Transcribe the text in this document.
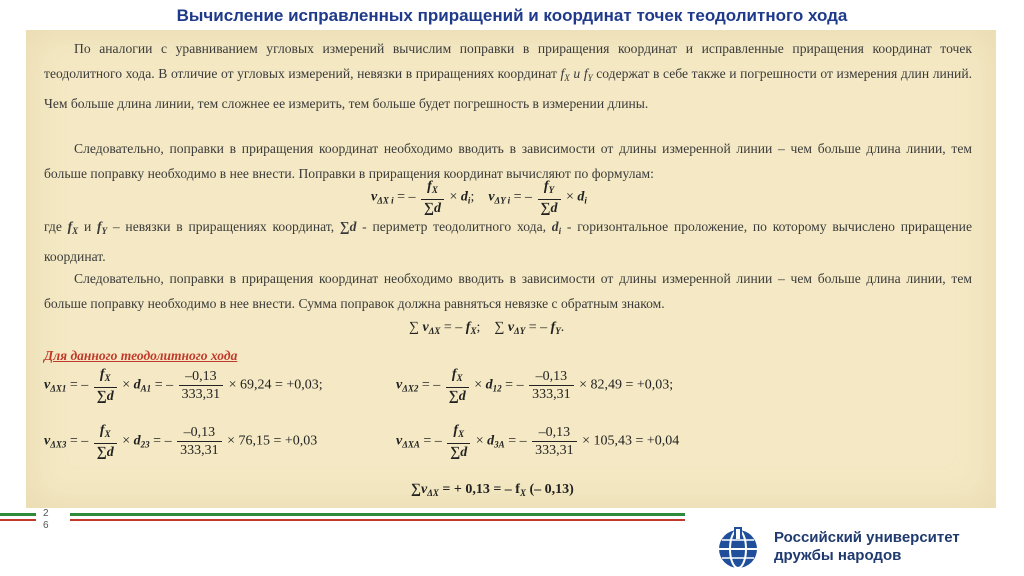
Вычисление исправленных приращений и координат точек теодолитного хода
По аналогии с уравниванием угловых измерений вычислим поправки в приращения координат и исправленные приращения координат точек теодолитного хода. В отличие от угловых измерений, невязки в приращениях координат $f_X$ и $f_Y$ содержат в себе также и погрешности от измерения длин линий. Чем больше длина линии, тем сложнее ее измерить, тем больше будет погрешность в измерении длины.
Следовательно, поправки в приращения координат необходимо вводить в зависимости от длины измеренной линии – чем больше длина линии, тем больше поправку необходимо в нее внести. Поправки в приращения координат вычисляют по формулам:
$v_{\Delta X i}$ = – $\frac{f_X}{\sum d} \times d_i$;    $v_{\Delta Y i}$ = – $\frac{f_Y}{\sum d} \times d_i$
где $f_X$ и $f_Y$ – невязки в приращениях координат, ∑d - периметр теодолитного хода, $d_i$ - горизонтальное проложение, по которому вычислено приращение координат.
Следовательно, поправки в приращения координат необходимо вводить в зависимости от длины измеренной линии – чем больше длина линии, тем больше поправку необходимо в нее внести. Сумма поправок должна равняться невязке с обратным знаком.
∑ $v_{\Delta X}$ = – $f_X$;    ∑ $v_{\Delta Y}$ = – $f_Y$.
Для данного теодолитного хода
$v_{\Delta X1}$ = – $\frac{f_X}{\sum d} \times d_{A1}$ = – $\frac{-0,13}{333,31} \times 69,24 = +0,03$;	$v_{\Delta X2}$ = – $\frac{f_X}{\sum d} \times d_{12}$ = – $\frac{-0,13}{333,31} \times 82,49 = +0,03$;
$v_{\Delta X3}$ = – $\frac{f_X}{\sum d} \times d_{23}$ = – $\frac{-0,13}{333,31} \times 76,15 = +0,03$	$v_{\Delta XA}$ = – $\frac{f_X}{\sum d} \times d_{3A}$ = – $\frac{-0,13}{333,31} \times 105,43 = +0,04$
$\sum v_{\Delta X}$ = + 0,13 = – $f_X$ (– 0,13)
2
6
Российский университет
дружбы народов
